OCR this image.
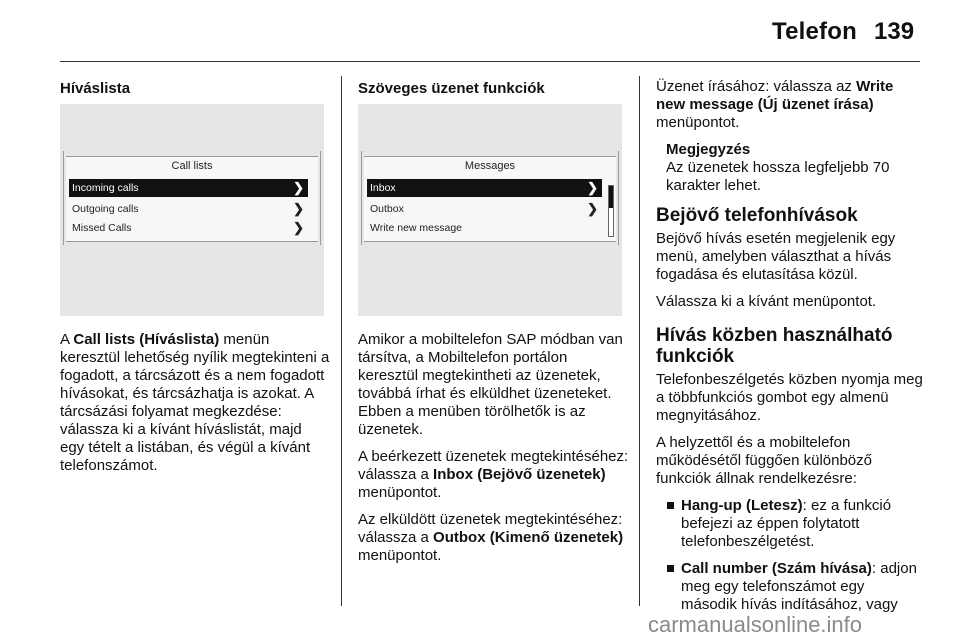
Telefon 139
Híváslista
Call lists
Incoming calls	❯
Outgoing calls	❯
Missed Calls	❯

A Call lists (Híváslista) menün keresztül lehetőség nyílik megtekinteni a fogadott, a tárcsázott és a nem fogadott hívásokat, és tárcsázhatja is azokat. A tárcsázási folyamat megkezdése: válassza ki a kívánt híváslistát, majd egy tételt a listában, és végül a kívánt telefonszámot.

Szöveges üzenet funkciók
Messages
Inbox	❯
Outbox	❯
Write new message

Amikor a mobiltelefon SAP módban van társítva, a Mobiltelefon portálon keresztül megtekintheti az üzenetek, továbbá írhat és elküldhet üzeneteket. Ebben a menüben törölhetők is az üzenetek.

A beérkezett üzenetek megtekintéséhez: válassza a Inbox (Bejövő üzenetek) menüpontot.

Az elküldött üzenetek megtekintéséhez: válassza a Outbox (Kimenő üzenetek) menüpontot.

Üzenet írásához: válassza az Write new message (Új üzenet írása) menüpontot.

Megjegyzés

Az üzenetek hossza legfeljebb 70 karakter lehet.

Bejövő telefonhívások

Bejövő hívás esetén megjelenik egy menü, amelyben választhat a hívás fogadása és elutasítása közül.

Válassza ki a kívánt menüpontot.

Hívás közben használható funkciók

Telefonbeszélgetés közben nyomja meg a többfunkciós gombot egy almenü megnyitásához.

A helyzettől és a mobiltelefon működésétől függően különböző funkciók állnak rendelkezésre:

Hang-up (Letesz): ez a funkció befejezi az éppen folytatott telefonbeszélgetést.
Call number (Szám hívása): adjon meg egy telefonszámot egy második hívás indításához, vagy
carmanualsonline.info
